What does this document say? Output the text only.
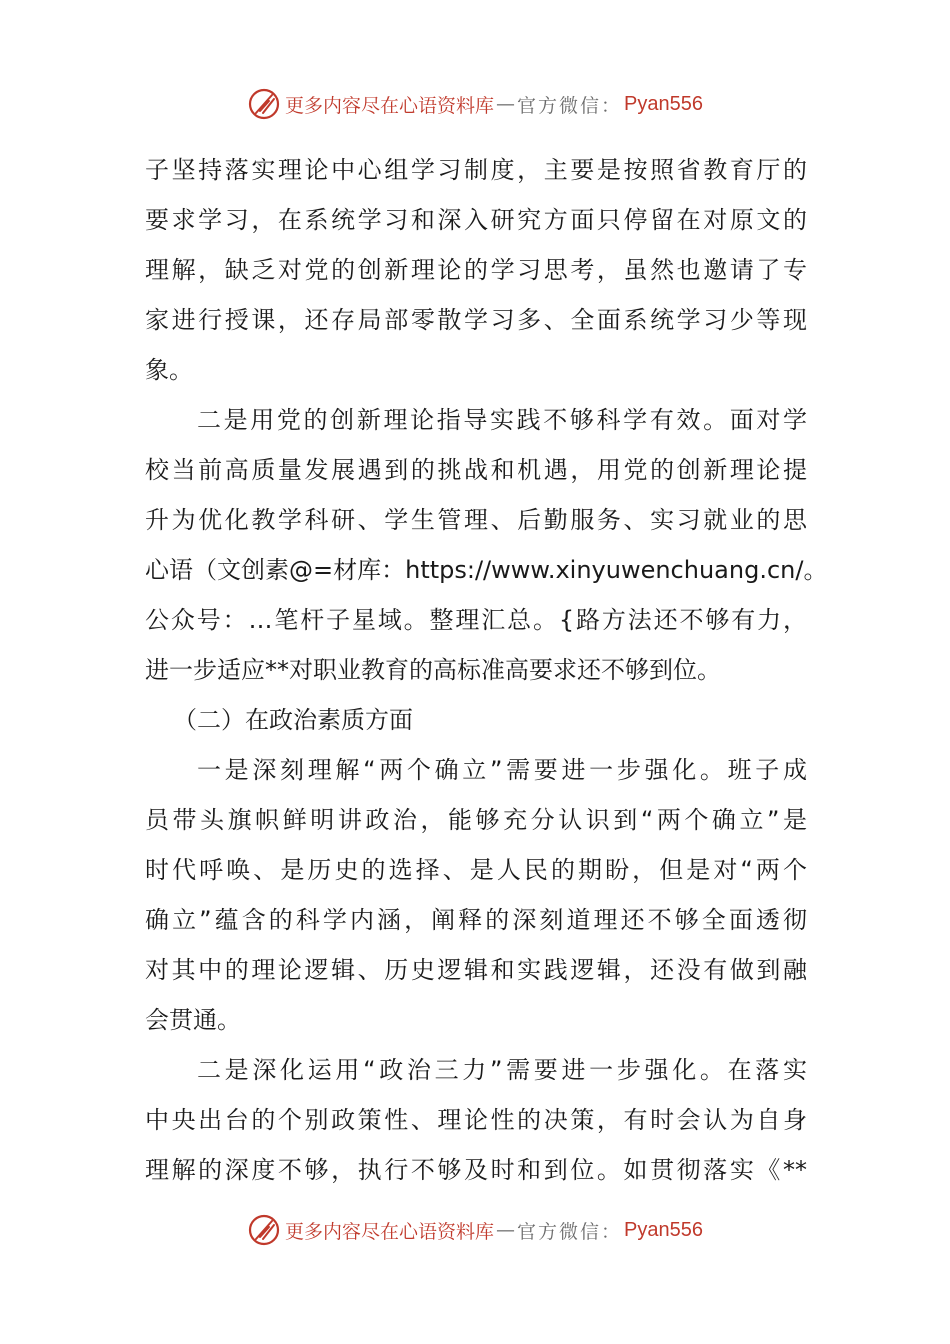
更多内容尽在心语资料库 — 官方微信： Pyan556
子坚持落实理论中心组学习制度，主要是按照省教育厅的
要求学习，在系统学习和深入研究方面只停留在对原文的
理解，缺乏对党的创新理论的学习思考，虽然也邀请了专
家进行授课，还存局部零散学习多、全面系统学习少等现
象。
二是用党的创新理论指导实践不够科学有效。面对学
校当前高质量发展遇到的挑战和机遇，用党的创新理论提
升为优化教学科研、学生管理、后勤服务、实习就业的思
心语（文创素@=材库：https://www.xinyuwenchuang.cn/。
公众号：…笔杆子星域。整理汇总。{路方法还不够有力，
进一步适应**对职业教育的高标准高要求还不够到位。
（二）在政治素质方面
一是深刻理解“两个确立”需要进一步强化。班子成
员带头旗帜鲜明讲政治，能够充分认识到“两个确立”是
时代呼唤、是历史的选择、是人民的期盼，但是对“两个
确立”蕴含的科学内涵，阐释的深刻道理还不够全面透彻
对其中的理论逻辑、历史逻辑和实践逻辑，还没有做到融
会贯通。
二是深化运用“政治三力”需要进一步强化。在落实
中央出台的个别政策性、理论性的决策，有时会认为自身
理解的深度不够，执行不够及时和到位。如贯彻落实《**
更多内容尽在心语资料库 — 官方微信： Pyan556
